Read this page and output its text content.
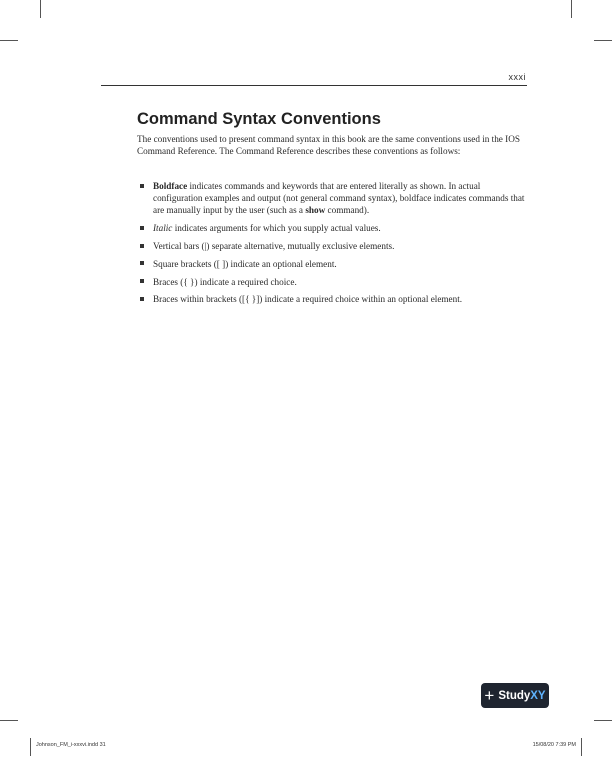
xxxi
Command Syntax Conventions

The conventions used to present command syntax in this book are the same conventions used in the IOS Command Reference. The Command Reference describes these conventions as follows:

Boldface indicates commands and keywords that are entered literally as shown. In actual configuration examples and output (not general command syntax), boldface indicates commands that are manually input by the user (such as a show command).
Italic indicates arguments for which you supply actual values.
Vertical bars (|) separate alternative, mutually exclusive elements.
Square brackets ([ ]) indicate an optional element.
Braces ({ }) indicate a required choice.
Braces within brackets ([{ }]) indicate a required choice within an optional element.
+ StudyXY
Johnson_FM_i-xxxvi.indd 31	15/08/20 7:39 PM
